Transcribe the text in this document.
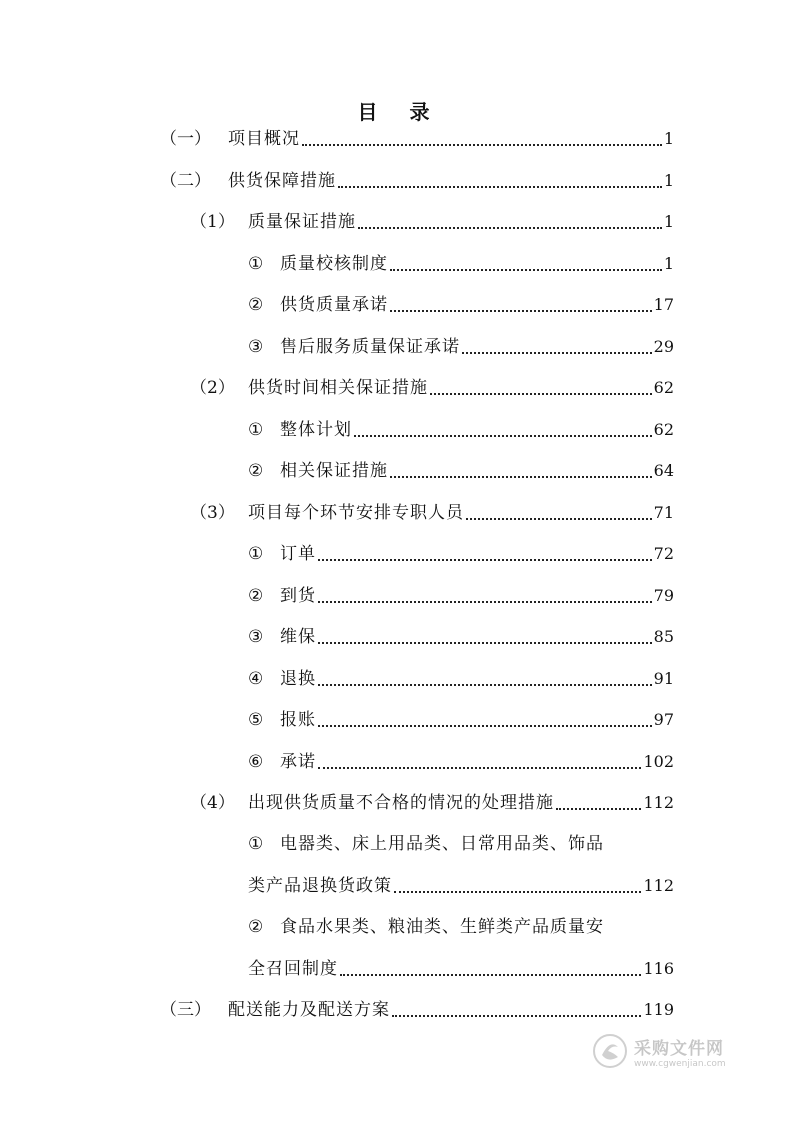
目　录
（一）	项目概况	1
（二）	供货保障措施	1
（1） 质量保证措施	1
① 质量校核制度	1
② 供货质量承诺	17
③ 售后服务质量保证承诺	29
（2） 供货时间相关保证措施	62
① 整体计划	62
② 相关保证措施	64
（3） 项目每个环节安排专职人员	71
① 订单	72
② 到货	79
③ 维保	85
④ 退换	91
⑤ 报账	97
⑥ 承诺	102
（4） 出现供货质量不合格的情况的处理措施	112
① 电器类、床上用品类、日常用品类、饰品
类产品退换货政策	112
② 食品水果类、粮油类、生鲜类产品质量安
全召回制度	116
（三）	配送能力及配送方案	119
采购文件网
www.cgwenjian.com
